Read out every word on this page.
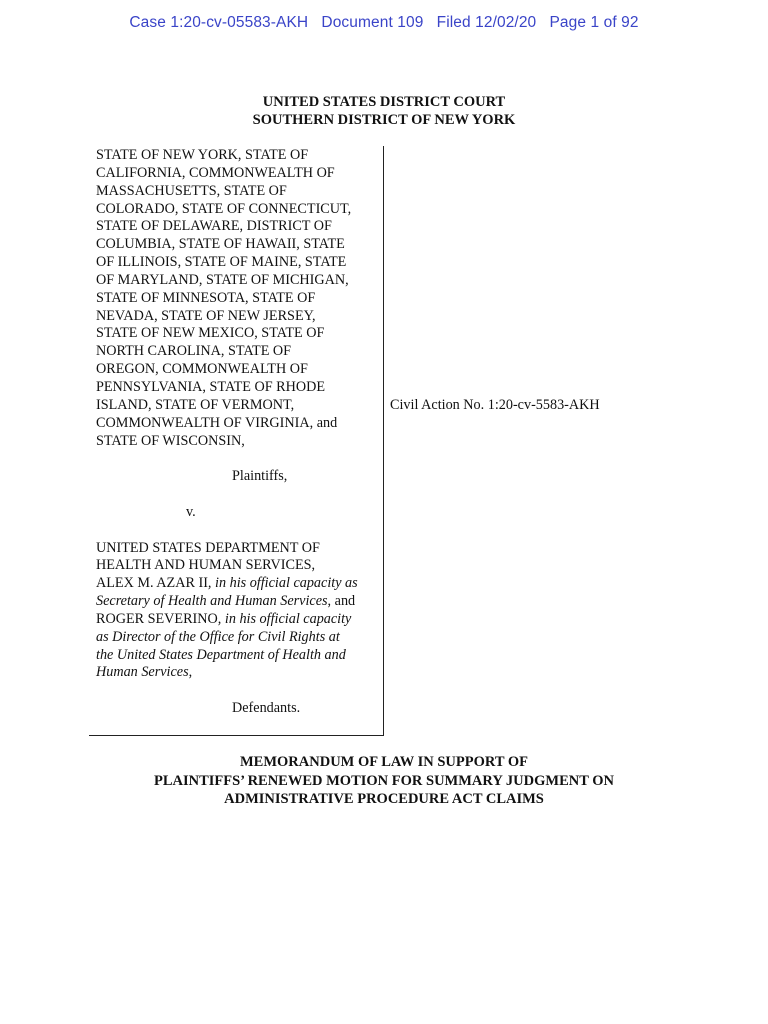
Case 1:20-cv-05583-AKH   Document 109   Filed 12/02/20   Page 1 of 92
UNITED STATES DISTRICT COURT
SOUTHERN DISTRICT OF NEW YORK

STATE OF NEW YORK, STATE OF

CALIFORNIA, COMMONWEALTH OF

MASSACHUSETTS, STATE OF

COLORADO, STATE OF CONNECTICUT,

STATE OF DELAWARE, DISTRICT OF

COLUMBIA, STATE OF HAWAII, STATE

OF ILLINOIS, STATE OF MAINE, STATE

OF MARYLAND, STATE OF MICHIGAN,

STATE OF MINNESOTA, STATE OF

NEVADA, STATE OF NEW JERSEY,

STATE OF NEW MEXICO, STATE OF

NORTH CAROLINA, STATE OF

OREGON, COMMONWEALTH OF

PENNSYLVANIA, STATE OF RHODE

ISLAND, STATE OF VERMONT,

COMMONWEALTH OF VIRGINIA, and

STATE OF WISCONSIN,

Plaintiffs,

v.

UNITED STATES DEPARTMENT OF

HEALTH AND HUMAN SERVICES,

ALEX M. AZAR II, in his official capacity as

Secretary of Health and Human Services, and

ROGER SEVERINO, in his official capacity

as Director of the Office for Civil Rights at

the United States Department of Health and

Human Services,

Defendants.

Civil Action No. 1:20-cv-5583-AKH
MEMORANDUM OF LAW IN SUPPORT OF
PLAINTIFFS’ RENEWED MOTION FOR SUMMARY JUDGMENT ON
ADMINISTRATIVE PROCEDURE ACT CLAIMS
